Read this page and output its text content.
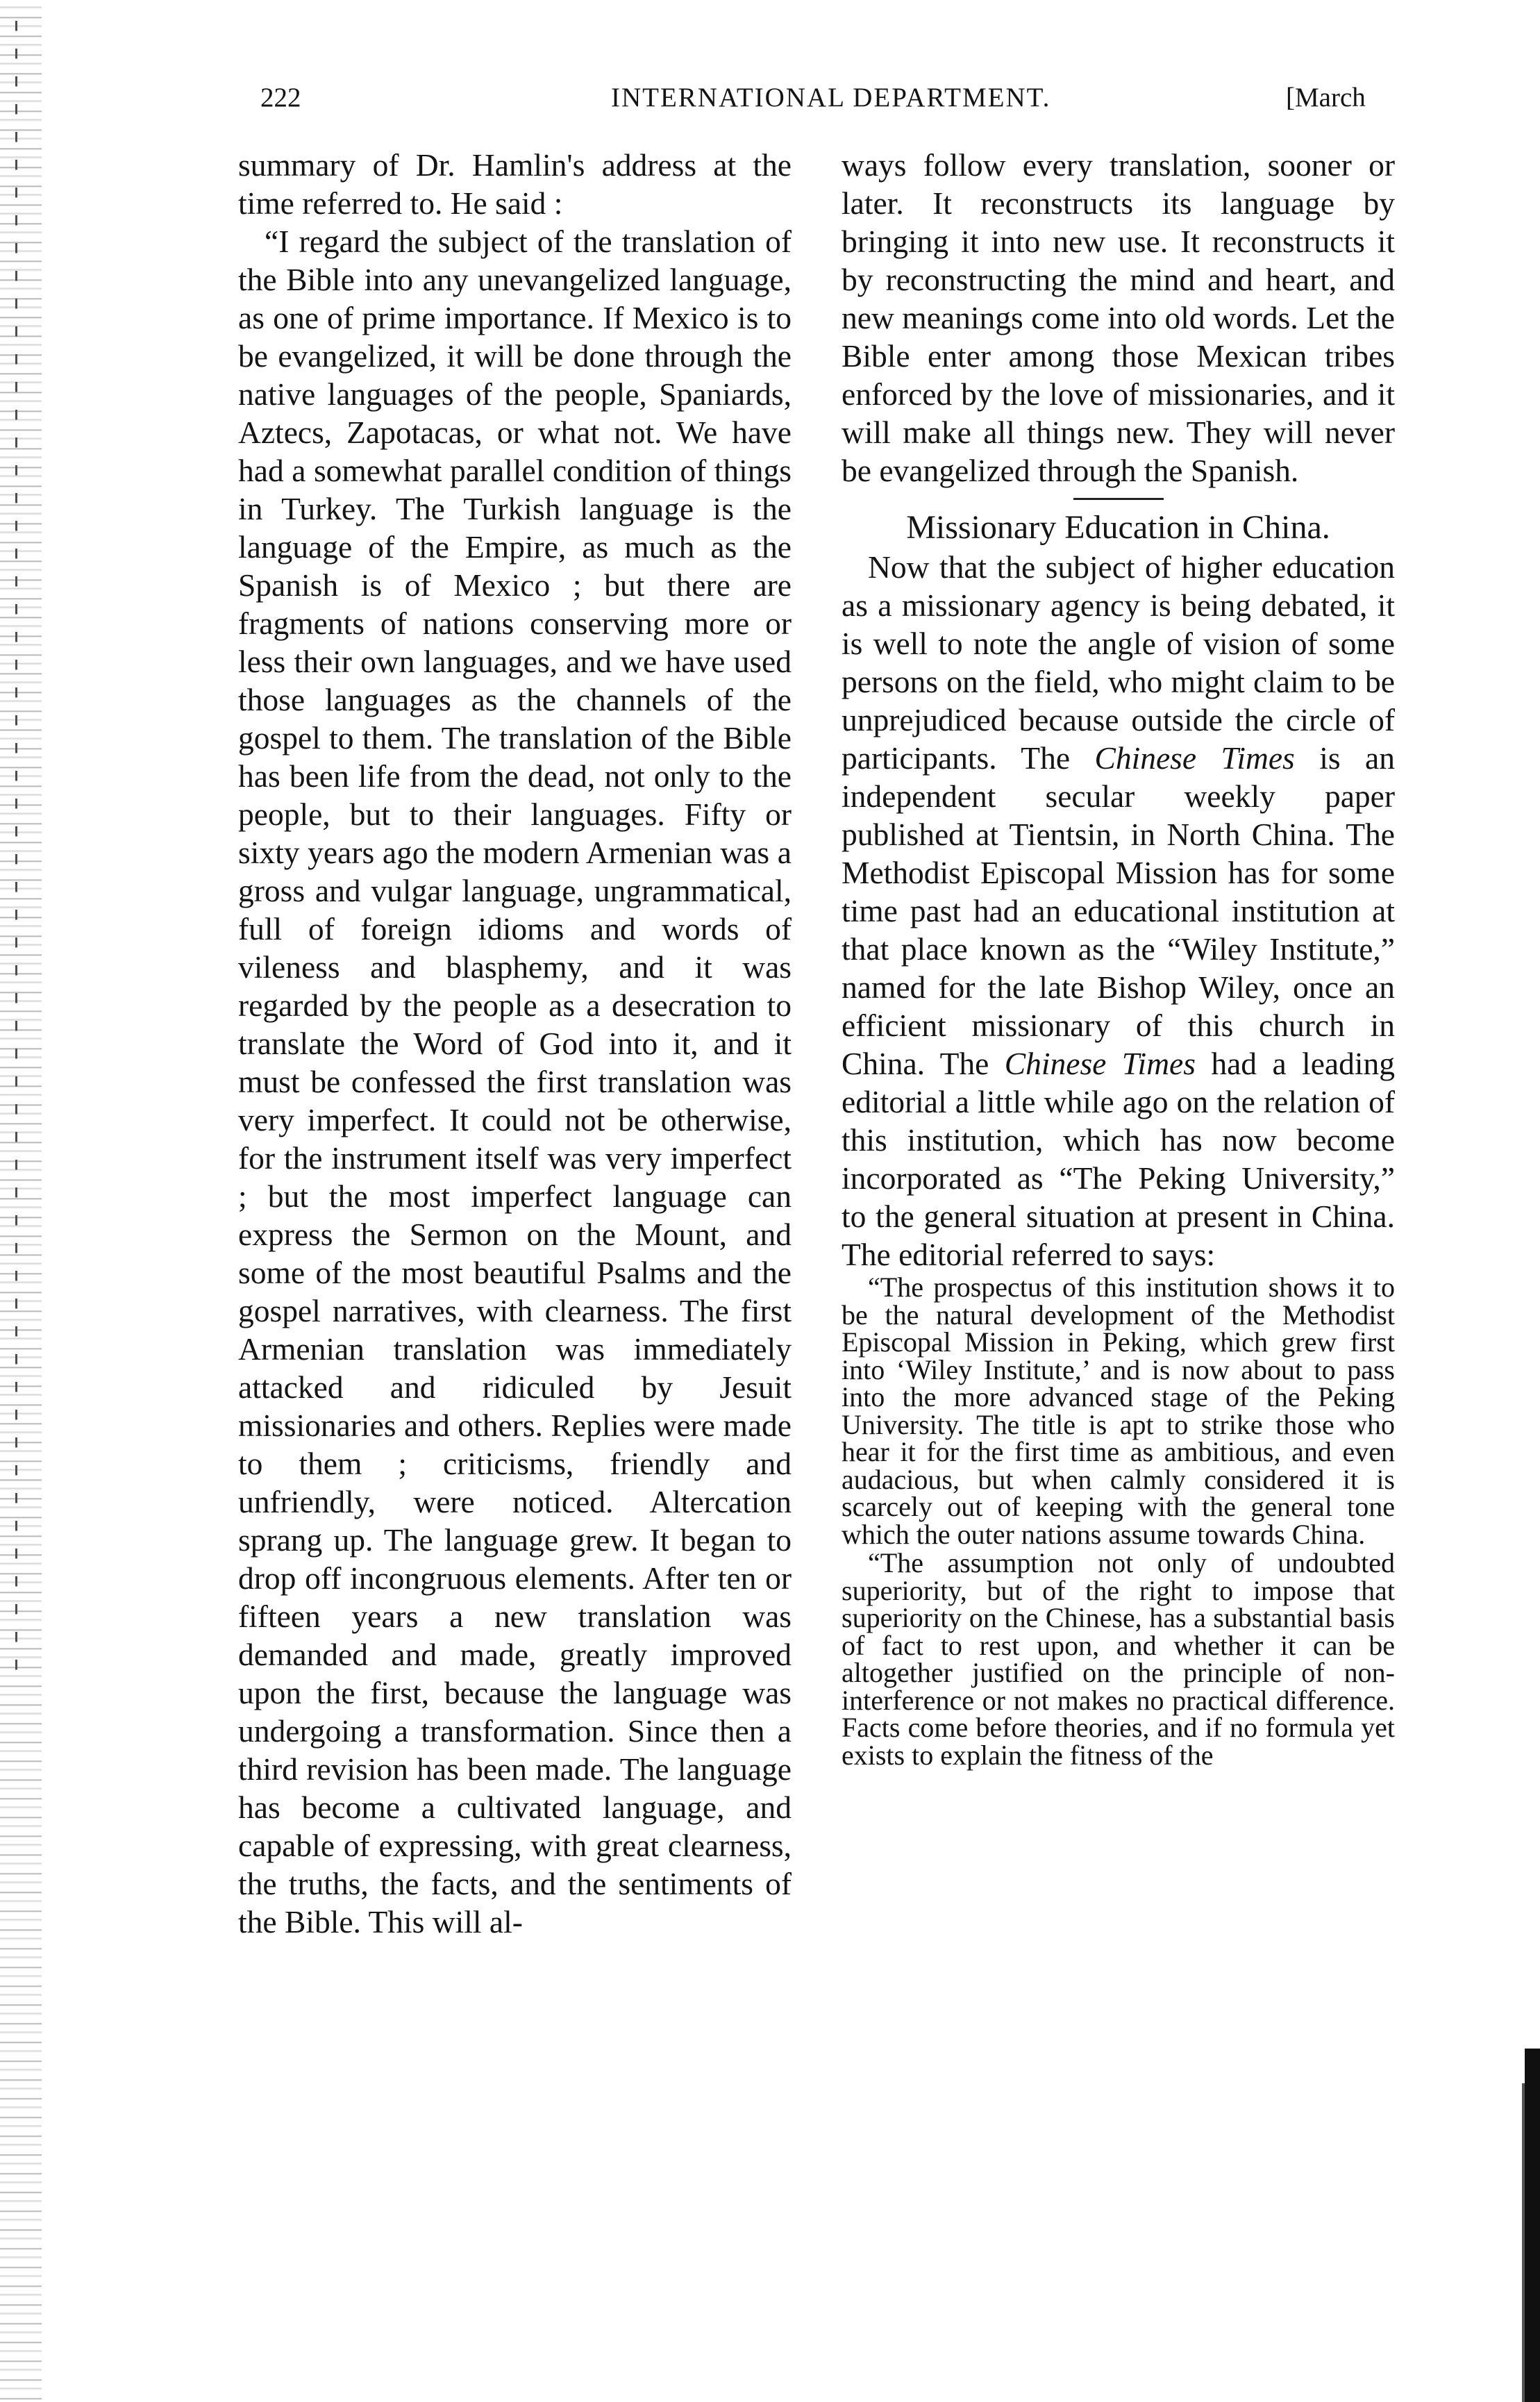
222	INTERNATIONAL DEPARTMENT.	[March

summary of Dr. Hamlin's address at the time referred to. He said :

“I regard the subject of the translation of the Bible into any unevangelized language, as one of prime importance. If Mexico is to be evangelized, it will be done through the native languages of the people, Spaniards, Aztecs, Zapotacas, or what not. We have had a somewhat parallel condition of things in Turkey. The Turkish language is the language of the Empire, as much as the Spanish is of Mexico ; but there are fragments of nations conserving more or less their own languages, and we have used those languages as the channels of the gospel to them. The translation of the Bible has been life from the dead, not only to the people, but to their languages. Fifty or sixty years ago the modern Armenian was a gross and vulgar language, ungrammatical, full of foreign idioms and words of vileness and blasphemy, and it was regarded by the people as a desecration to translate the Word of God into it, and it must be confessed the first translation was very imperfect. It could not be otherwise, for the instrument itself was very imperfect ; but the most imperfect language can express the Sermon on the Mount, and some of the most beautiful Psalms and the gospel narratives, with clearness. The first Armenian translation was immediately attacked and ridiculed by Jesuit missionaries and others. Replies were made to them ; criticisms, friendly and unfriendly, were noticed. Altercation sprang up. The language grew. It began to drop off incongruous elements. After ten or fifteen years a new translation was demanded and made, greatly improved upon the first, because the language was undergoing a transformation. Since then a third revision has been made. The language has become a cultivated language, and capable of expressing, with great clearness, the truths, the facts, and the sentiments of the Bible. This will al-

ways follow every translation, sooner or later. It reconstructs its language by bringing it into new use. It reconstructs it by reconstructing the mind and heart, and new meanings come into old words. Let the Bible enter among those Mexican tribes enforced by the love of missionaries, and it will make all things new. They will never be evangelized through the Spanish.

Missionary Education in China.

Now that the subject of higher education as a missionary agency is being debated, it is well to note the angle of vision of some persons on the field, who might claim to be unprejudiced because outside the circle of participants. The Chinese Times is an independent secular weekly paper published at Tientsin, in North China. The Methodist Episcopal Mission has for some time past had an educational institution at that place known as the “Wiley Institute,” named for the late Bishop Wiley, once an efficient missionary of this church in China. The Chinese Times had a leading editorial a little while ago on the relation of this institution, which has now become incorporated as “The Peking University,” to the general situation at present in China. The editorial referred to says:

“The prospectus of this institution shows it to be the natural development of the Methodist Episcopal Mission in Peking, which grew first into ‘Wiley Institute,’ and is now about to pass into the more advanced stage of the Peking University. The title is apt to strike those who hear it for the first time as ambitious, and even audacious, but when calmly considered it is scarcely out of keeping with the general tone which the outer nations assume towards China.

“The assumption not only of undoubted superiority, but of the right to impose that superiority on the Chinese, has a substantial basis of fact to rest upon, and whether it can be altogether justified on the principle of non-interference or not makes no practical difference. Facts come before theories, and if no formula yet exists to explain the fitness of the
